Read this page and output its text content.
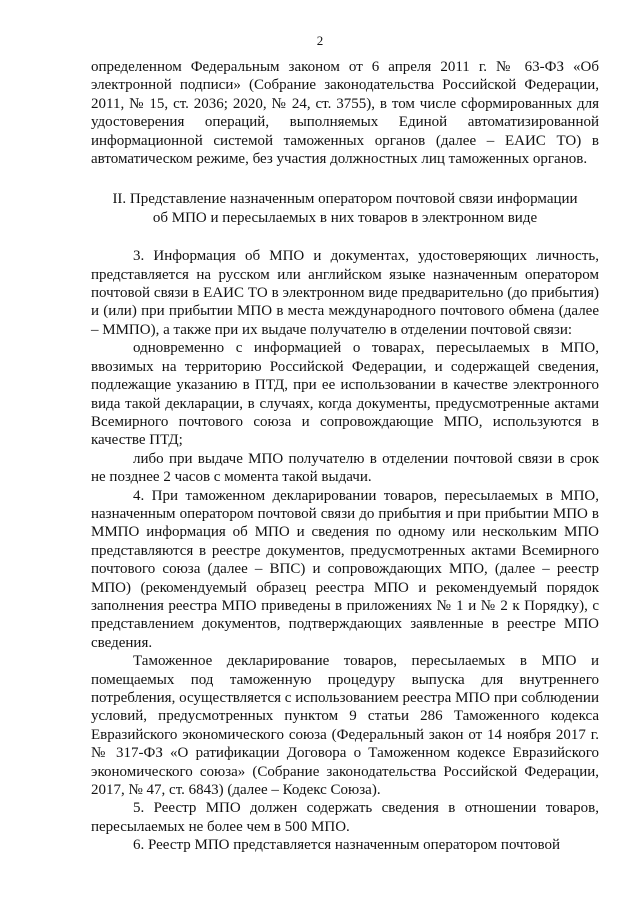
2

определенном Федеральным законом от 6 апреля 2011 г. № 63-ФЗ «Об электронной подписи» (Собрание законодательства Российской Федерации, 2011, № 15, ст. 2036; 2020, № 24, ст. 3755), в том числе сформированных для удостоверения операций, выполняемых Единой автоматизированной информационной системой таможенных органов (далее – ЕАИС ТО) в автоматическом режиме, без участия должностных лиц таможенных органов.

II. Представление назначенным оператором почтовой связи информации
об МПО и пересылаемых в них товаров в электронном виде

3. Информация об МПО и документах, удостоверяющих личность, представляется на русском или английском языке назначенным оператором почтовой связи в ЕАИС ТО в электронном виде предварительно (до прибытия) и (или) при прибытии МПО в места международного почтового обмена (далее – ММПО), а также при их выдаче получателю в отделении почтовой связи:

одновременно с информацией о товарах, пересылаемых в МПО, ввозимых на территорию Российской Федерации, и содержащей сведения, подлежащие указанию в ПТД, при ее использовании в качестве электронного вида такой декларации, в случаях, когда документы, предусмотренные актами Всемирного почтового союза и сопровождающие МПО, используются в качестве ПТД;

либо при выдаче МПО получателю в отделении почтовой связи в срок не позднее 2 часов с момента такой выдачи.

4. При таможенном декларировании товаров, пересылаемых в МПО, назначенным оператором почтовой связи до прибытия и при прибытии МПО в ММПО информация об МПО и сведения по одному или нескольким МПО представляются в реестре документов, предусмотренных актами Всемирного почтового союза (далее – ВПС) и сопровождающих МПО, (далее – реестр МПО) (рекомендуемый образец реестра МПО и рекомендуемый порядок заполнения реестра МПО приведены в приложениях № 1 и № 2 к Порядку), с представлением документов, подтверждающих заявленные в реестре МПО сведения.

Таможенное декларирование товаров, пересылаемых в МПО и помещаемых под таможенную процедуру выпуска для внутреннего потребления, осуществляется с использованием реестра МПО при соблюдении условий, предусмотренных пунктом 9 статьи 286 Таможенного кодекса Евразийского экономического союза (Федеральный закон от 14 ноября 2017 г. № 317-ФЗ «О ратификации Договора о Таможенном кодексе Евразийского экономического союза» (Собрание законодательства Российской Федерации, 2017, № 47, ст. 6843) (далее – Кодекс Союза).

5. Реестр МПО должен содержать сведения в отношении товаров, пересылаемых не более чем в 500 МПО.

6. Реестр МПО представляется назначенным оператором почтовой
